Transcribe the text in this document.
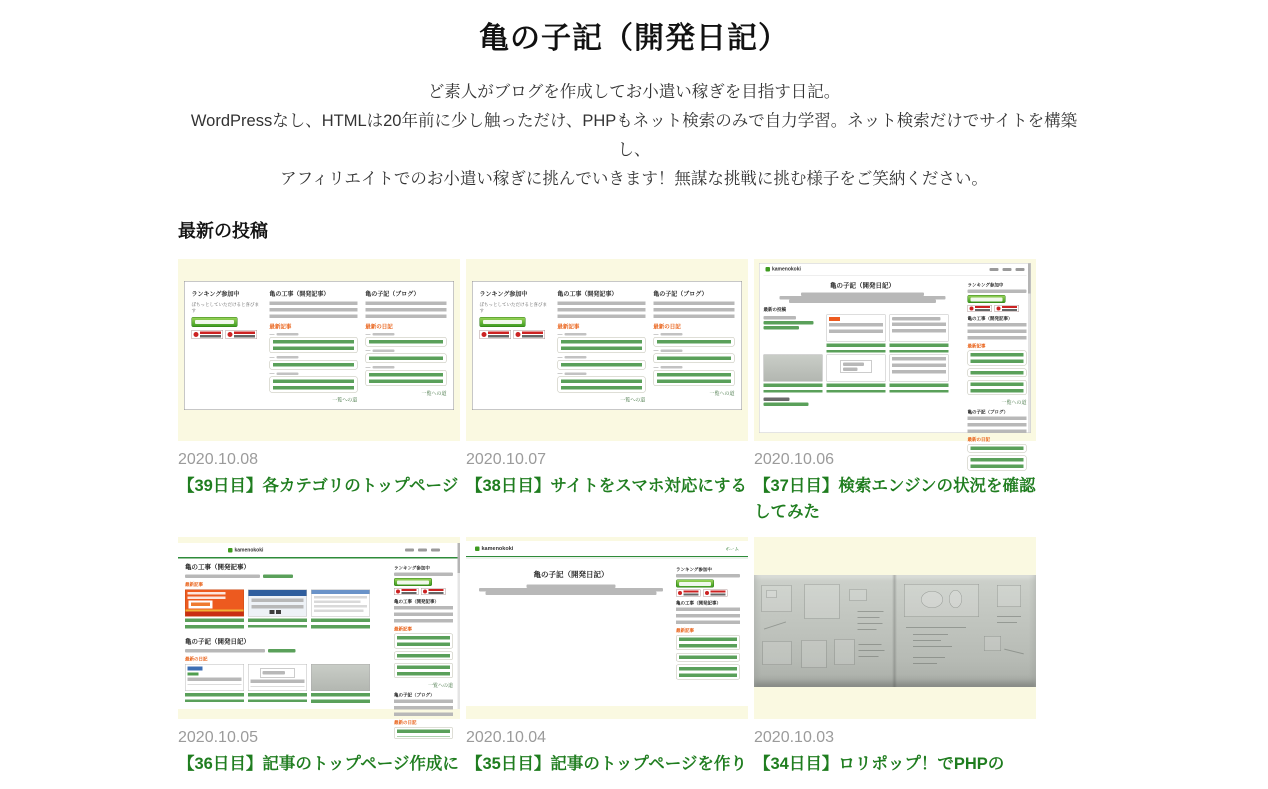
亀の子記（開発日記）
ど素人がブログを作成してお小遣い稼ぎを目指す日記。
WordPressなし、HTMLは20年前に少し触っただけ、PHPもネット検索のみで自力学習。ネット検索だけでサイトを構築し、
アフィリエイトでのお小遣い稼ぎに挑んでいきます！無謀な挑戦に挑む様子をご笑納ください。
最新の投稿
ランキング参加中
ぽちっとしていただけると喜びます
亀の工事（開発記事）
最新記事
一覧への道
亀の子記（ブログ）
最新の日記
一覧への道
2020.10.08
【39日目】各カテゴリのトップページ
ランキング参加中
ぽちっとしていただけると喜びます
亀の工事（開発記事）
最新記事
一覧への道
亀の子記（ブログ）
最新の日記
一覧への道
2020.10.07
【38日目】サイトをスマホ対応にする
kamenokoki
亀の子記（開発日記）
最新の投稿
ランキング参加中
亀の工事（開発記事）
最新記事
一覧への道
亀の子記（ブログ）
最新の日記
2020.10.06
【37日目】検索エンジンの状況を確認してみた
kamenokoki
亀の工事（開発記事）
最新記事
亀の子記（開発日記）
最新の日記
ランキング参加中
亀の工事（開発記事）
最新記事
一覧への道
亀の子記（ブログ）
最新の日記
2020.10.05
【36日目】記事のトップページ作成に
kamenokoki	ホーム
亀の子記（開発日記）
ランキング参加中
亀の工事（開発記事）
最新記事
2020.10.04
【35日目】記事のトップページを作り
2020.10.03
【34日目】ロリポップ！でPHPの
